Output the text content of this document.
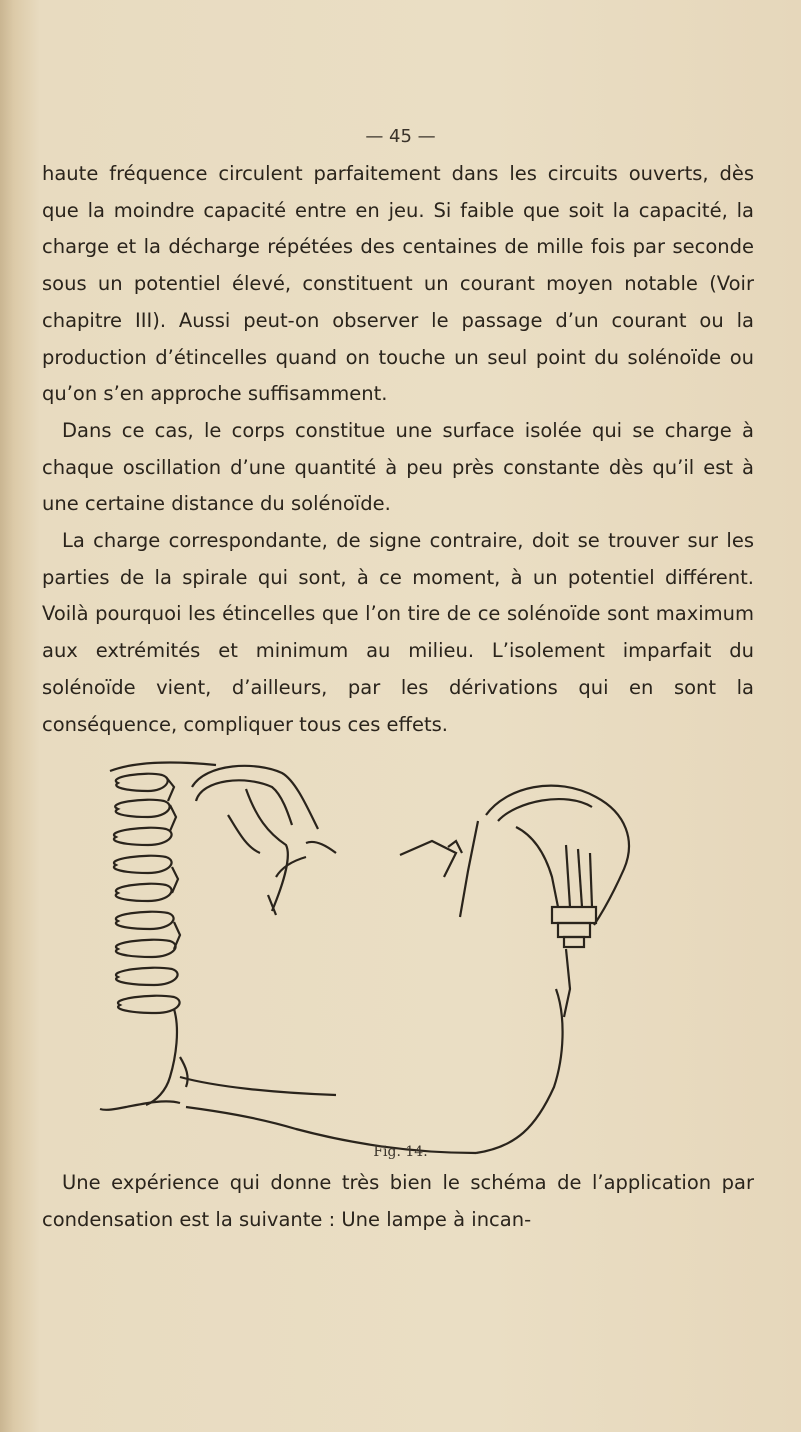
— 45 —

haute fréquence circulent parfaitement dans les circuits ouverts, dès que la moindre capacité entre en jeu. Si faible que soit la capacité, la charge et la décharge répétées des centaines de mille fois par seconde sous un potentiel élevé, constituent un courant moyen notable (Voir chapitre III). Aussi peut-on observer le passage d’un courant ou la production d’étincelles quand on touche un seul point du solénoïde ou qu’on s’en approche suffisamment.

Dans ce cas, le corps constitue une surface isolée qui se charge à chaque oscillation d’une quantité à peu près constante dès qu’il est à une certaine distance du solénoïde.

La charge correspondante, de signe contraire, doit se trouver sur les parties de la spirale qui sont, à ce moment, à un potentiel différent. Voilà pourquoi les étincelles que l’on tire de ce solénoïde sont maximum aux extrémités et minimum au milieu. L’isolement imparfait du solénoïde vient, d’ailleurs, par les dérivations qui en sont la conséquence, compliquer tous ces effets.

Fig. 14.

Une expérience qui donne très bien le schéma de l’application par condensation est la suivante : Une lampe à incan-
